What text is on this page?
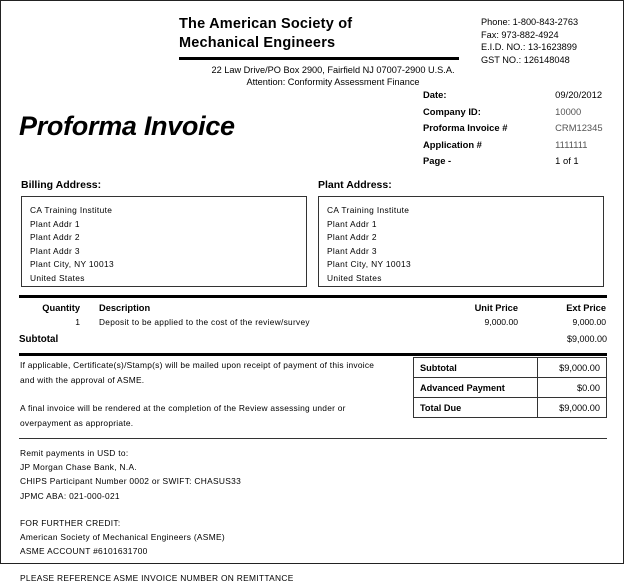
The American Society of
Mechanical Engineers
22 Law Drive/PO Box 2900, Fairfield NJ 07007-2900 U.S.A.
Attention: Conformity Assessment Finance
Phone: 1-800-843-2763
Fax: 973-882-4924
E.I.D. NO.: 13-1623899
GST NO.: 126148048
Proforma Invoice
Date:	09/20/2012
Company ID:	10000
Proforma Invoice #	CRM12345
Application #	1111111
Page -	1 of 1
Billing Address:
CA Training Institute
Plant Addr 1
Plant Addr 2
Plant Addr 3
Plant City, NY 10013
United States
Plant Address:
CA Training Institute
Plant Addr 1
Plant Addr 2
Plant Addr 3
Plant City, NY 10013
United States
Quantity	Description	Unit Price	Ext Price
1	Deposit to be applied to the cost of the review/survey	9,000.00	9,000.00
Subtotal	$9,000.00

If applicable, Certificate(s)/Stamp(s) will be mailed upon receipt of payment of this invoice and with the approval of ASME.

A final invoice will be rendered at the completion of the Review assessing under or overpayment as appropriate.

Subtotal	$9,000.00
Advanced Payment	$0.00
Total Due	$9,000.00

Remit payments in USD to:
JP Morgan Chase Bank, N.A.
CHIPS Participant Number 0002 or SWIFT: CHASUS33
JPMC ABA: 021-000-021

FOR FURTHER CREDIT:
American Society of Mechanical Engineers (ASME)
ASME ACCOUNT #6101631700

PLEASE REFERENCE ASME INVOICE NUMBER ON REMITTANCE
